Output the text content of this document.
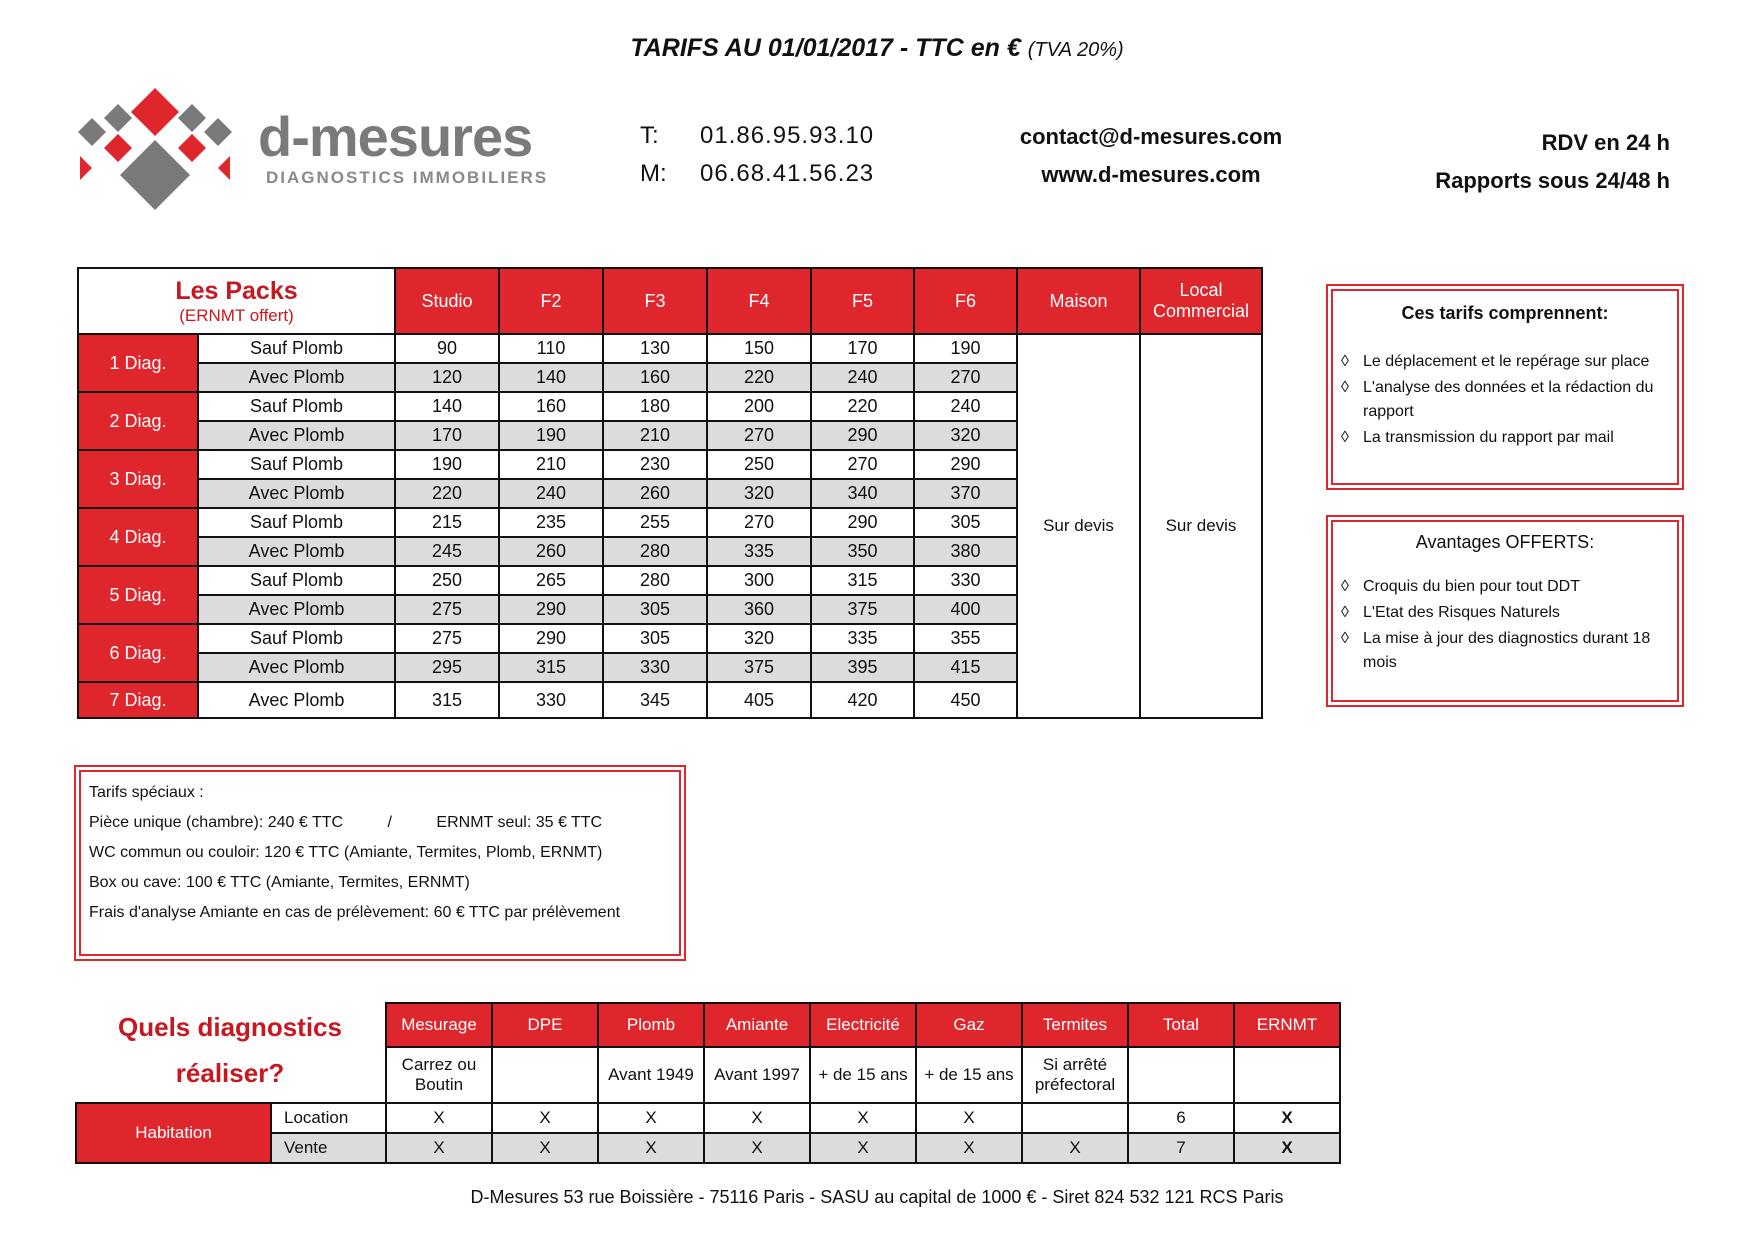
TARIFS AU 01/01/2017 - TTC en € (TVA 20%)
d-mesures
DIAGNOSTICS IMMOBILIERS
T: 01.86.95.93.10
M: 06.68.41.56.23
contact@d-mesures.com
www.d-mesures.com
RDV en 24 h
Rapports sous 24/48 h
Les Packs
(ERNMT offert)		Studio	F2	F3	F4	F5	F6	Maison	Local Commercial
1 Diag.	Sauf Plomb	90	110	130	150	170	190	Sur devis	Sur devis
	Avec Plomb	120	140	160	220	240	270		
2 Diag.	Sauf Plomb	140	160	180	200	220	240		
	Avec Plomb	170	190	210	270	290	320		
3 Diag.	Sauf Plomb	190	210	230	250	270	290		
	Avec Plomb	220	240	260	320	340	370		
4 Diag.	Sauf Plomb	215	235	255	270	290	305		
	Avec Plomb	245	260	280	335	350	380		
5 Diag.	Sauf Plomb	250	265	280	300	315	330		
	Avec Plomb	275	290	305	360	375	400		
6 Diag.	Sauf Plomb	275	290	305	320	335	355		
	Avec Plomb	295	315	330	375	395	415		
7 Diag.	Avec Plomb	315	330	345	405	420	450		
Ces tarifs comprennent:
◊ Le déplacement et le repérage sur place
◊ L'analyse des données et la rédaction du rapport
◊ La transmission du rapport par mail
Avantages OFFERTS:
◊ Croquis du bien pour tout DDT
◊ L'Etat des Risques Naturels
◊ La mise à jour des diagnostics durant 18 mois
Tarifs spéciaux :
Pièce unique (chambre): 240 € TTC	/	ERNMT seul: 35 € TTC
WC commun ou couloir: 120 € TTC (Amiante, Termites, Plomb, ERNMT)
Box ou cave: 100 € TTC (Amiante, Termites, ERNMT)
Frais d'analyse Amiante en cas de prélèvement: 60 € TTC par prélèvement
Quels diagnostics
réaliser?
		Mesurage	DPE	Plomb	Amiante	Electricité	Gaz	Termites	Total	ERNMT
		Carrez ou Boutin		Avant 1949	Avant 1997	+ de 15 ans	+ de 15 ans	Si arrêté préfectoral		
Habitation	Location	X	X	X	X	X	X		6	X
	Vente	X	X	X	X	X	X	X	7	X
D-Mesures 53 rue Boissière - 75116 Paris - SASU au capital de 1000 € - Siret 824 532 121 RCS Paris
